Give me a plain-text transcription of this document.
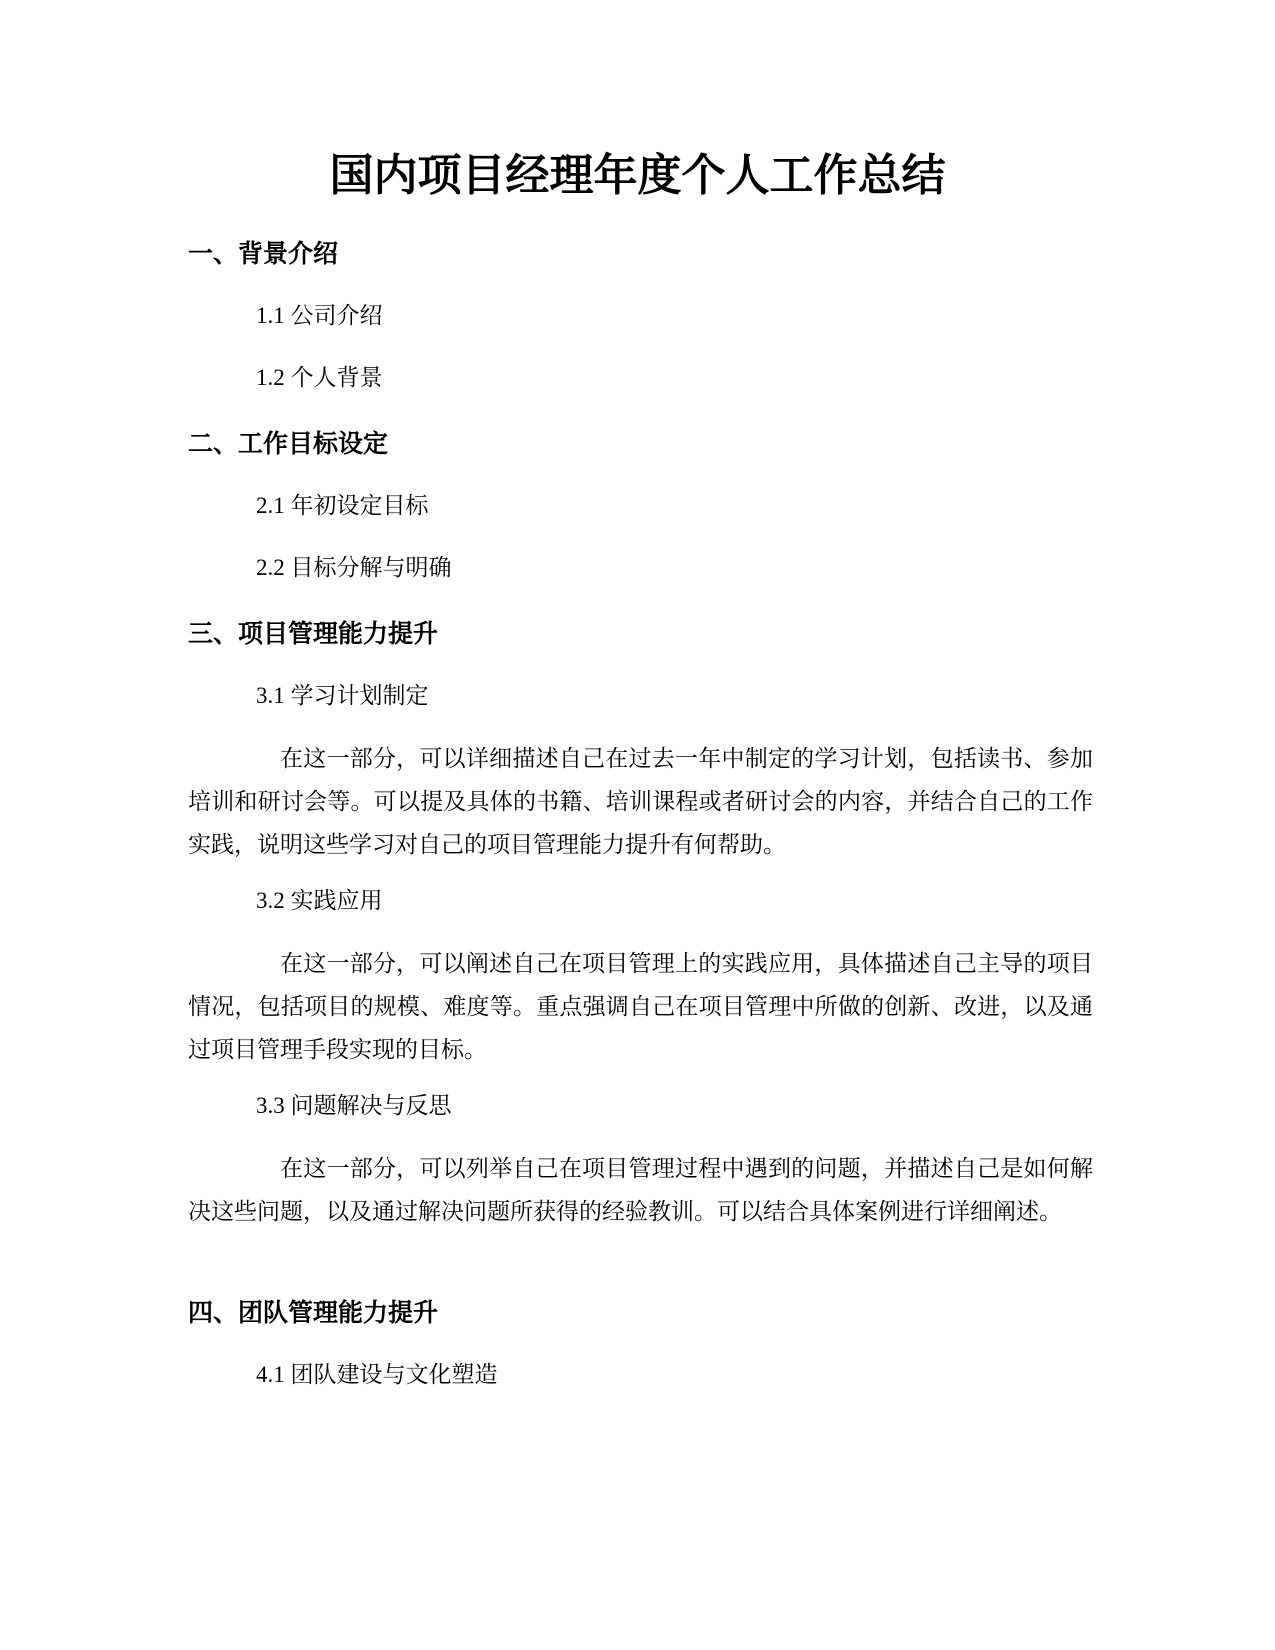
国内项目经理年度个人工作总结
一、背景介绍
1.1 公司介绍
1.2 个人背景
二、工作目标设定
2.1 年初设定目标
2.2 目标分解与明确
三、项目管理能力提升
3.1 学习计划制定
在这一部分，可以详细描述自己在过去一年中制定的学习计划，包括读书、参加培训和研讨会等。可以提及具体的书籍、培训课程或者研讨会的内容，并结合自己的工作实践，说明这些学习对自己的项目管理能力提升有何帮助。
3.2 实践应用
在这一部分，可以阐述自己在项目管理上的实践应用，具体描述自己主导的项目情况，包括项目的规模、难度等。重点强调自己在项目管理中所做的创新、改进，以及通过项目管理手段实现的目标。
3.3 问题解决与反思
在这一部分，可以列举自己在项目管理过程中遇到的问题，并描述自己是如何解决这些问题，以及通过解决问题所获得的经验教训。可以结合具体案例进行详细阐述。
四、团队管理能力提升
4.1 团队建设与文化塑造
